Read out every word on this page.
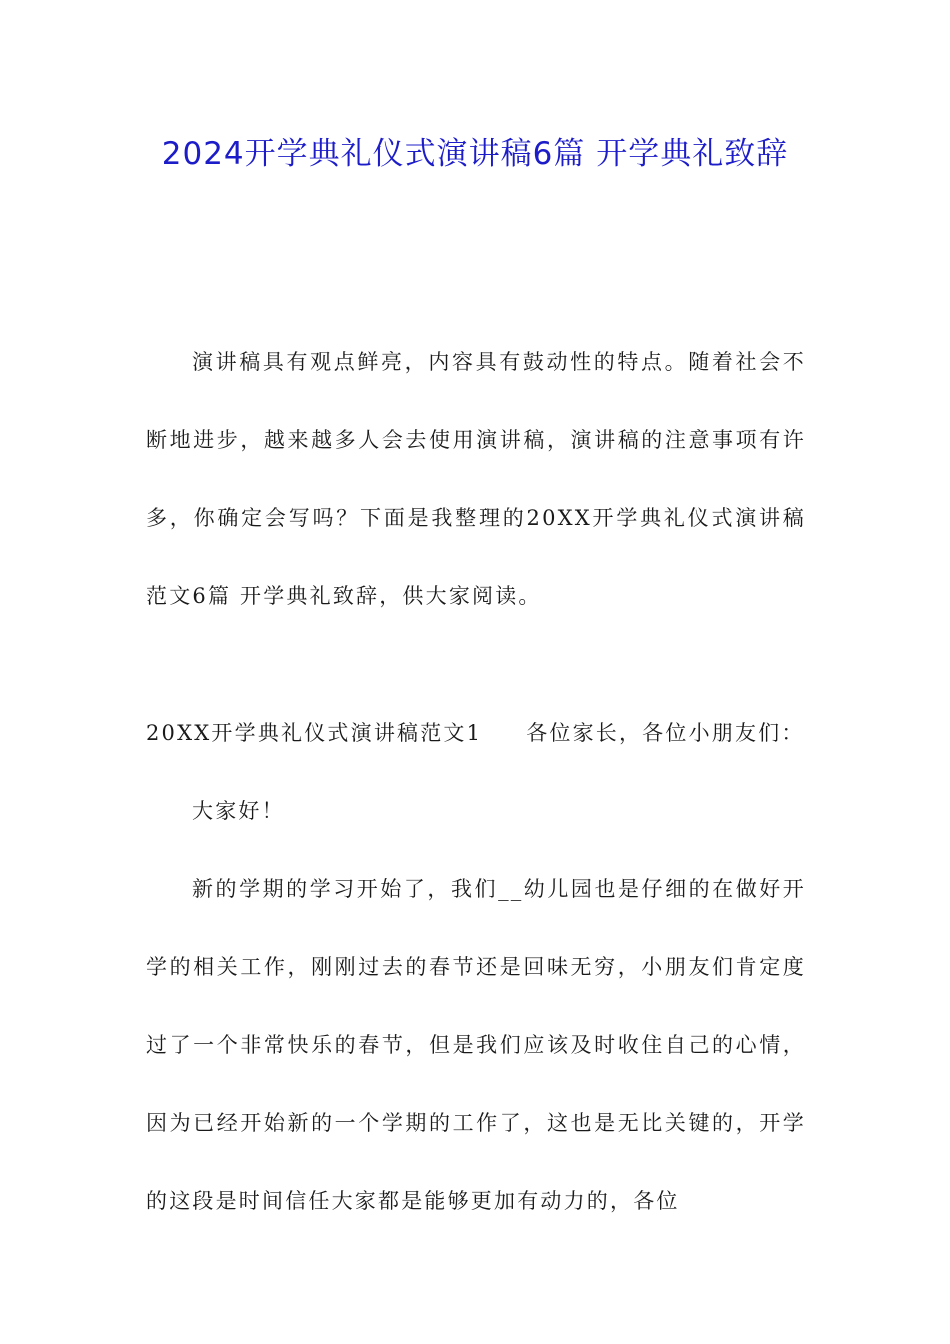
2024开学典礼仪式演讲稿6篇 开学典礼致辞
演讲稿具有观点鲜亮，内容具有鼓动性的特点。随着社会不断地进步，越来越多人会去使用演讲稿，演讲稿的注意事项有许多，你确定会写吗？下面是我整理的20XX开学典礼仪式演讲稿范文6篇 开学典礼致辞，供大家阅读。
20XX开学典礼仪式演讲稿范文1 各位家长，各位小朋友们：
大家好！
新的学期的学习开始了，我们__幼儿园也是仔细的在做好开学的相关工作，刚刚过去的春节还是回味无穷，小朋友们肯定度过了一个非常快乐的春节，但是我们应该及时收住自己的心情，因为已经开始新的一个学期的工作了，这也是无比关键的，开学的这段是时间信任大家都是能够更加有动力的，各位
